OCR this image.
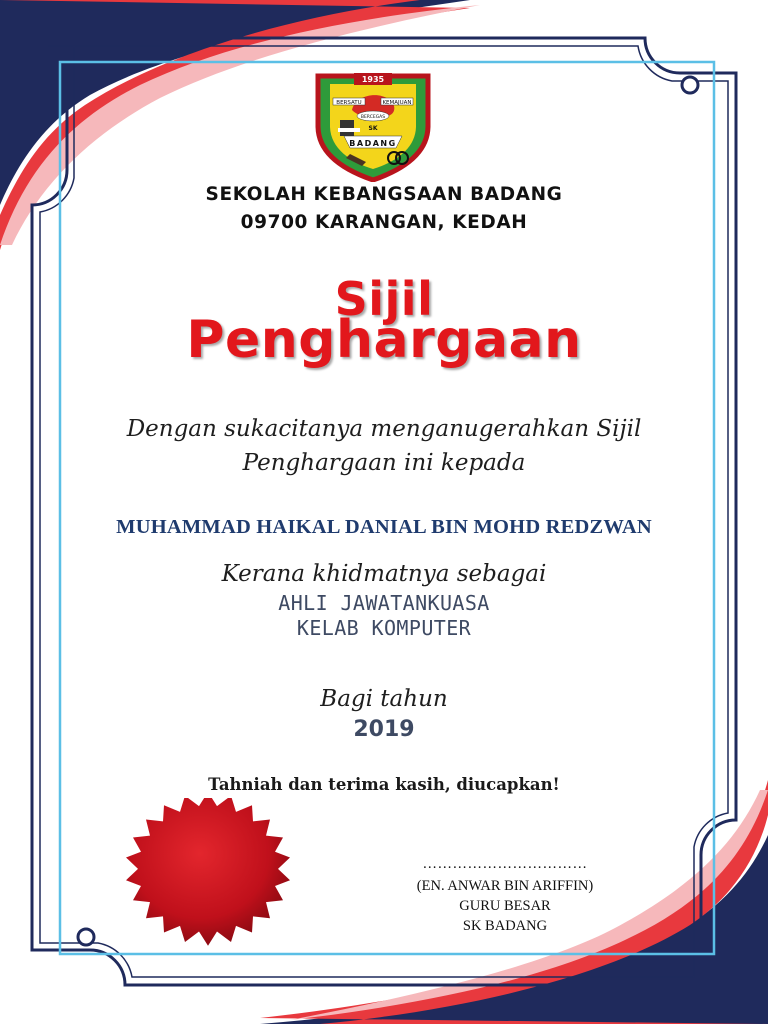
1935
BERSATU	KEMAJUAN
BERCEGAS
SK
BADANG
SEKOLAH KEBANGSAAN BADANG
09700 KARANGAN, KEDAH
Sijil
Penghargaan
Dengan sukacitanya menganugerahkan Sijil
Penghargaan ini kepada
MUHAMMAD HAIKAL DANIAL BIN MOHD REDZWAN
Kerana khidmatnya sebagai
AHLI JAWATANKUASA
KELAB KOMPUTER
Bagi tahun
2019
Tahniah dan terima kasih, diucapkan!
……………………………
(EN. ANWAR BIN ARIFFIN)
GURU BESAR
SK BADANG
